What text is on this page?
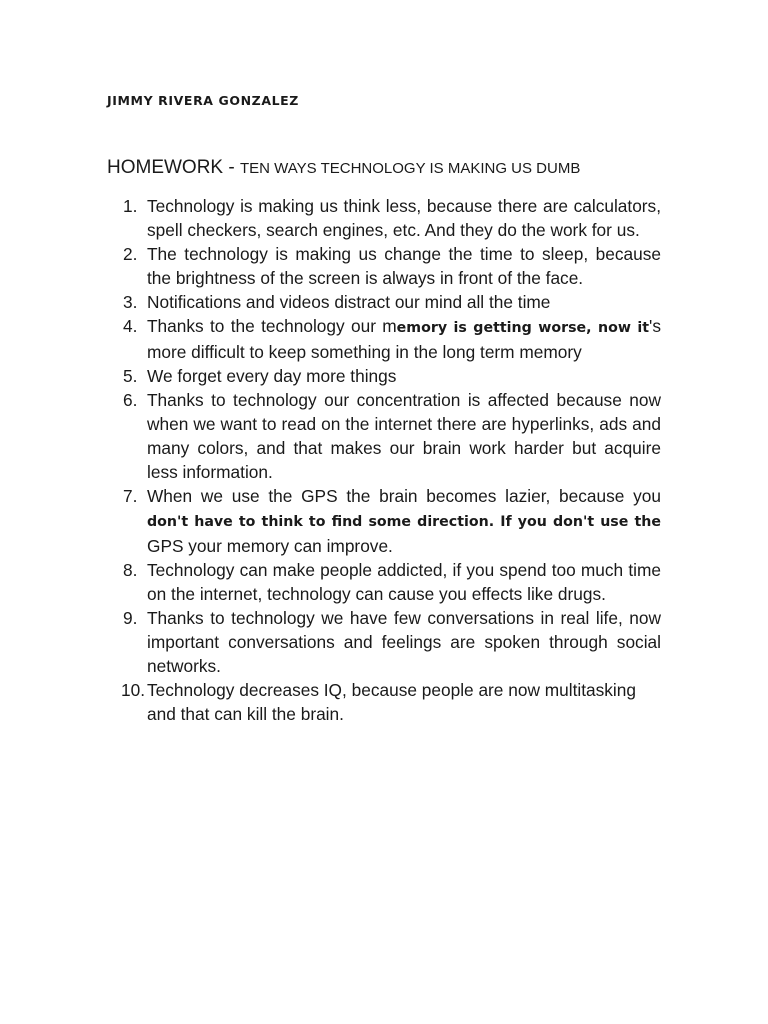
JIMMY RIVERA GONZALEZ
HOMEWORK - TEN WAYS TECHNOLOGY IS MAKING US DUMB
1. Technology is making us think less, because there are calculators, spell checkers, search engines, etc. And they do the work for us.
2. The technology is making us change the time to sleep, because the brightness of the screen is always in front of the face.
3. Notifications and videos distract our mind all the time
4. Thanks to the technology our memory is getting worse, now it's more difficult to keep something in the long term memory
5. We forget every day more things
6. Thanks to technology our concentration is affected because now when we want to read on the internet there are hyperlinks, ads and many colors, and that makes our brain work harder but acquire less information.
7. When we use the GPS the brain becomes lazier, because you don't have to think to find some direction. If you don't use the GPS your memory can improve.
8. Technology can make people addicted, if you spend too much time on the internet, technology can cause you effects like drugs.
9. Thanks to technology we have few conversations in real life, now important conversations and feelings are spoken through social networks.
10. Technology decreases IQ, because people are now multitasking and that can kill the brain.
